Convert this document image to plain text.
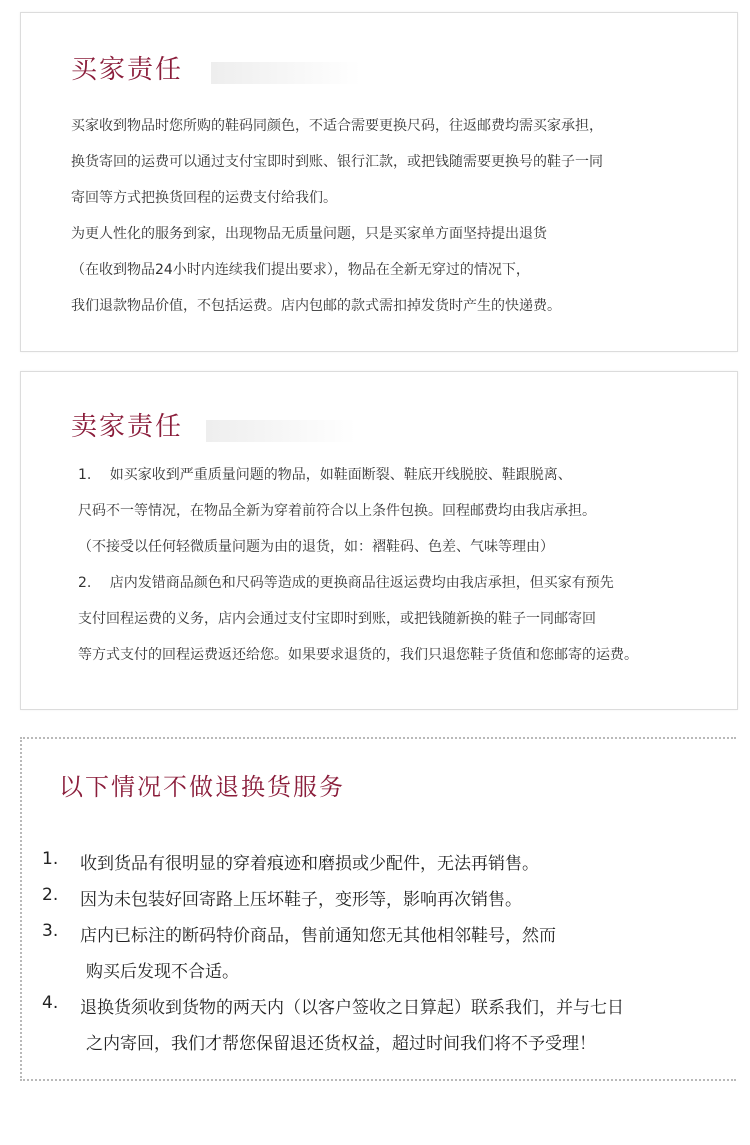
买家责任
买家收到物品时您所购的鞋码同颜色，不适合需要更换尺码，往返邮费均需买家承担，
换货寄回的运费可以通过支付宝即时到账、银行汇款，或把钱随需要更换号的鞋子一同
寄回等方式把换货回程的运费支付给我们。
为更人性化的服务到家，出现物品无质量问题，只是买家单方面坚持提出退货
（在收到物品24小时内连续我们提出要求），物品在全新无穿过的情况下，
我们退款物品价值，不包括运费。店内包邮的款式需扣掉发货时产生的快递费。
卖家责任
1.　 如买家收到严重质量问题的物品，如鞋面断裂、鞋底开线脱胶、鞋跟脱离、
尺码不一等情况，在物品全新为穿着前符合以上条件包换。回程邮费均由我店承担。
（不接受以任何轻微质量问题为由的退货，如：褶鞋码、色差、气味等理由）
2.　 店内发错商品颜色和尺码等造成的更换商品往返运费均由我店承担，但买家有预先
支付回程运费的义务，店内会通过支付宝即时到账，或把钱随新换的鞋子一同邮寄回
等方式支付的回程运费返还给您。如果要求退货的，我们只退您鞋子货值和您邮寄的运费。
以下情况不做退换货服务
1. 收到货品有很明显的穿着痕迹和磨损或少配件，无法再销售。
2. 因为未包装好回寄路上压坏鞋子，变形等，影响再次销售。
3. 店内已标注的断码特价商品，售前通知您无其他相邻鞋号，然而
购买后发现不合适。
4. 退换货须收到货物的两天内（以客户签收之日算起）联系我们，并与七日
之内寄回，我们才帮您保留退还货权益，超过时间我们将不予受理！
